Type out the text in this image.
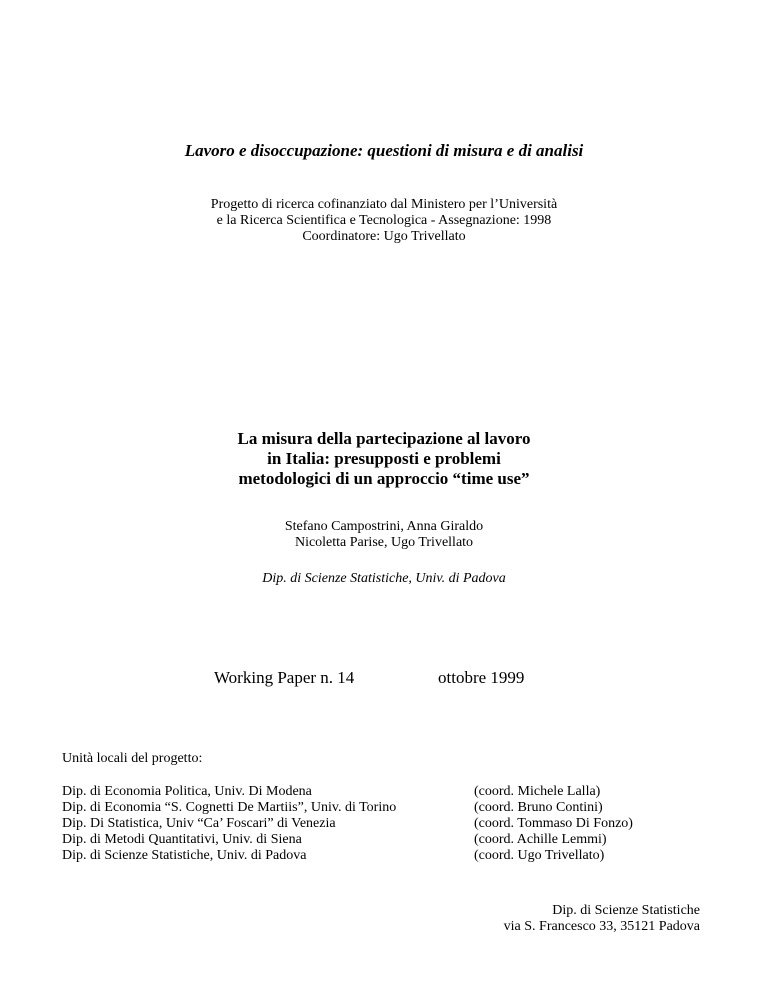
Lavoro e disoccupazione: questioni di misura e di analisi
Progetto di ricerca cofinanziato dal Ministero per l’Università
e la Ricerca Scientifica e Tecnologica - Assegnazione: 1998
Coordinatore: Ugo Trivellato
La misura della partecipazione al lavoro
in Italia: presupposti e problemi
metodologici di un approccio “time use”
Stefano Campostrini, Anna Giraldo
Nicoletta Parise, Ugo Trivellato
Dip. di Scienze Statistiche, Univ. di Padova
Working Paper n. 14	ottobre 1999
Unità locali del progetto:
Dip. di Economia Politica, Univ. Di Modena
Dip. di Economia “S. Cognetti De Martiis”, Univ. di Torino
Dip. Di Statistica, Univ “Ca’ Foscari” di Venezia
Dip. di Metodi Quantitativi, Univ. di Siena
Dip. di Scienze Statistiche, Univ. di Padova
(coord. Michele Lalla)
(coord. Bruno Contini)
(coord. Tommaso Di Fonzo)
(coord. Achille Lemmi)
(coord. Ugo Trivellato)
Dip. di Scienze Statistiche
via S. Francesco 33, 35121 Padova
